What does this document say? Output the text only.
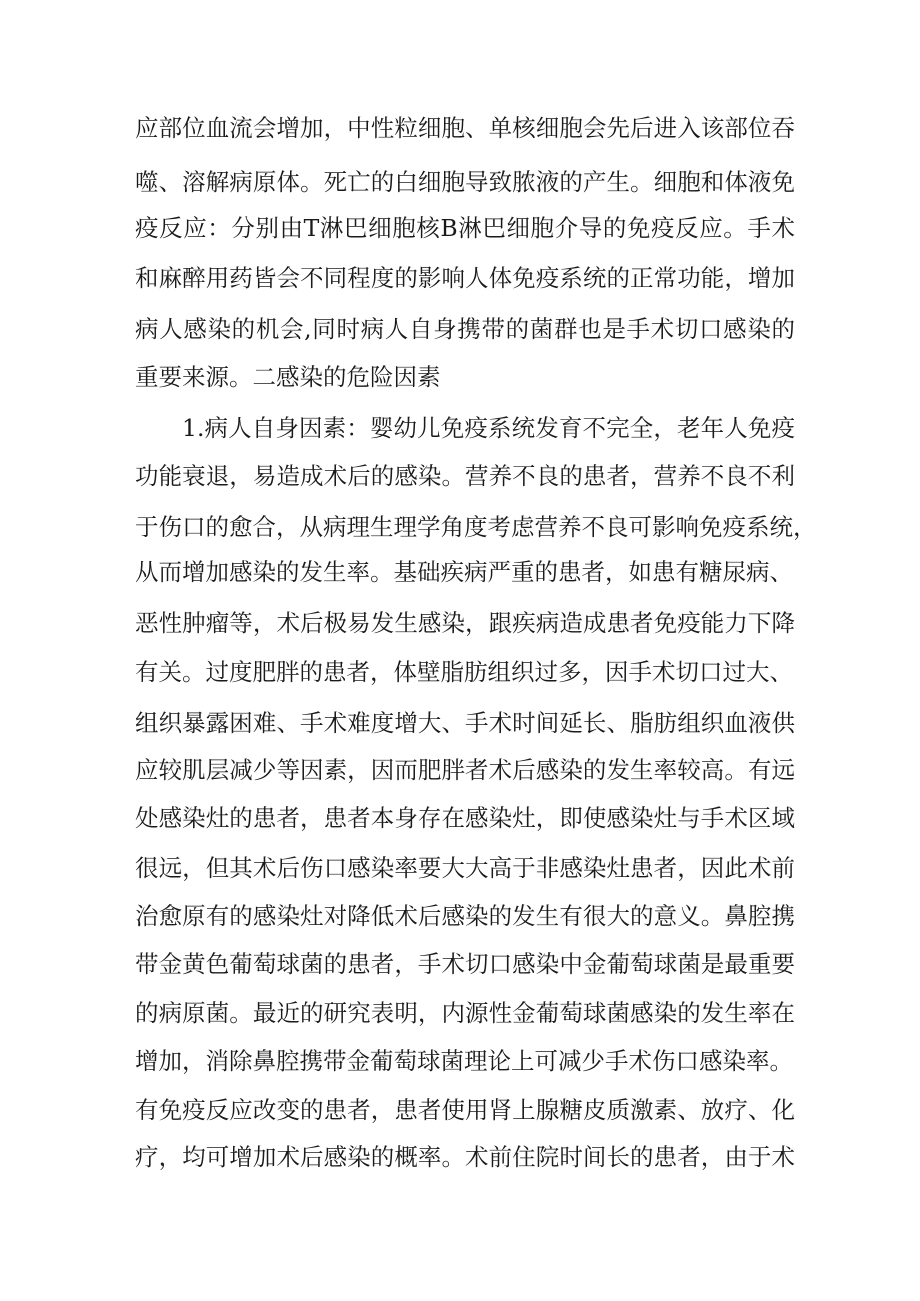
应部位血流会增加，中性粒细胞、单核细胞会先后进入该部位吞
噬、溶解病原体。死亡的白细胞导致脓液的产生。细胞和体液免
疫反应：分别由T淋巴细胞核B淋巴细胞介导的免疫反应。手术
和麻醉用药皆会不同程度的影响人体免疫系统的正常功能，增加
病人感染的机会,同时病人自身携带的菌群也是手术切口感染的
重要来源。二感染的危险因素
1.病人自身因素：婴幼儿免疫系统发育不完全，老年人免疫
功能衰退，易造成术后的感染。营养不良的患者，营养不良不利
于伤口的愈合，从病理生理学角度考虑营养不良可影响免疫系统，
从而增加感染的发生率。基础疾病严重的患者，如患有糖尿病、
恶性肿瘤等，术后极易发生感染，跟疾病造成患者免疫能力下降
有关。过度肥胖的患者，体壁脂肪组织过多，因手术切口过大、
组织暴露困难、手术难度增大、手术时间延长、脂肪组织血液供
应较肌层减少等因素，因而肥胖者术后感染的发生率较高。有远
处感染灶的患者，患者本身存在感染灶，即使感染灶与手术区域
很远，但其术后伤口感染率要大大高于非感染灶患者，因此术前
治愈原有的感染灶对降低术后感染的发生有很大的意义。鼻腔携
带金黄色葡萄球菌的患者，手术切口感染中金葡萄球菌是最重要
的病原菌。最近的研究表明，内源性金葡萄球菌感染的发生率在
增加，消除鼻腔携带金葡萄球菌理论上可减少手术伤口感染率。
有免疫反应改变的患者，患者使用肾上腺糖皮质激素、放疗、化
疗，均可增加术后感染的概率。术前住院时间长的患者，由于术
